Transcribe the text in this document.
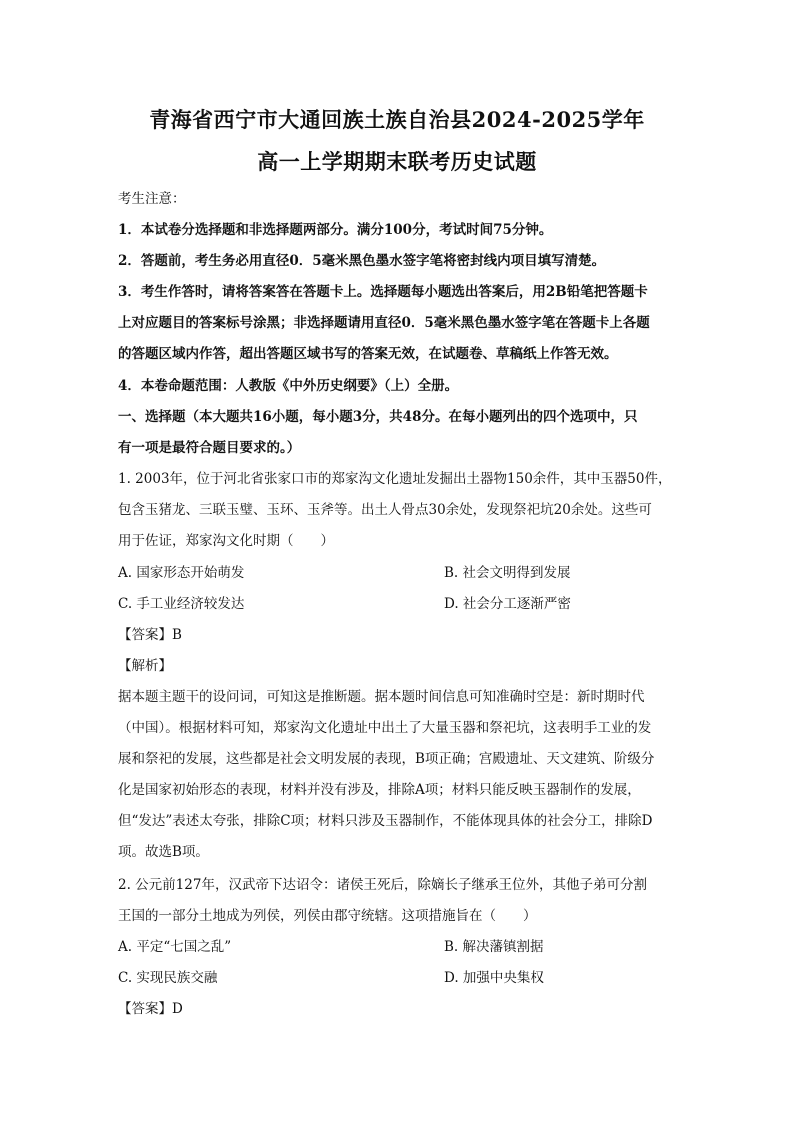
青海省西宁市大通回族土族自治县2024-2025学年
高一上学期期末联考历史试题
考生注意：
1．本试卷分选择题和非选择题两部分。满分100分，考试时间75分钟。
2．答题前，考生务必用直径0．5毫米黑色墨水签字笔将密封线内项目填写清楚。
3．考生作答时，请将答案答在答题卡上。选择题每小题选出答案后，用2B铅笔把答题卡
上对应题目的答案标号涂黑；非选择题请用直径0．5毫米黑色墨水签字笔在答题卡上各题
的答题区域内作答，超出答题区域书写的答案无效，在试题卷、草稿纸上作答无效。
4．本卷命题范围：人教版《中外历史纲要》（上）全册。
一、选择题（本大题共16小题，每小题3分，共48分。在每小题列出的四个选项中，只
有一项是最符合题目要求的。）
1. 2003年，位于河北省张家口市的郑家沟文化遗址发掘出土器物150余件，其中玉器50件，
包含玉猪龙、三联玉璧、玉环、玉斧等。出土人骨点30余处，发现祭祀坑20余处。这些可
用于佐证，郑家沟文化时期（　　）
A. 国家形态开始萌发	B. 社会文明得到发展
C. 手工业经济较发达	D. 社会分工逐渐严密
【答案】B
【解析】
据本题主题干的设问词，可知这是推断题。据本题时间信息可知准确时空是：新时期时代
（中国）。根据材料可知，郑家沟文化遗址中出土了大量玉器和祭祀坑，这表明手工业的发
展和祭祀的发展，这些都是社会文明发展的表现，B项正确；宫殿遗址、天文建筑、阶级分
化是国家初始形态的表现，材料并没有涉及，排除A项；材料只能反映玉器制作的发展，
但“发达”表述太夸张，排除C项；材料只涉及玉器制作，不能体现具体的社会分工，排除D
项。故选B项。
2. 公元前127年，汉武帝下达诏令：诸侯王死后，除嫡长子继承王位外，其他子弟可分割
王国的一部分土地成为列侯，列侯由郡守统辖。这项措施旨在（　　）
A. 平定“七国之乱”	B. 解决藩镇割据
C. 实现民族交融	D. 加强中央集权
【答案】D
